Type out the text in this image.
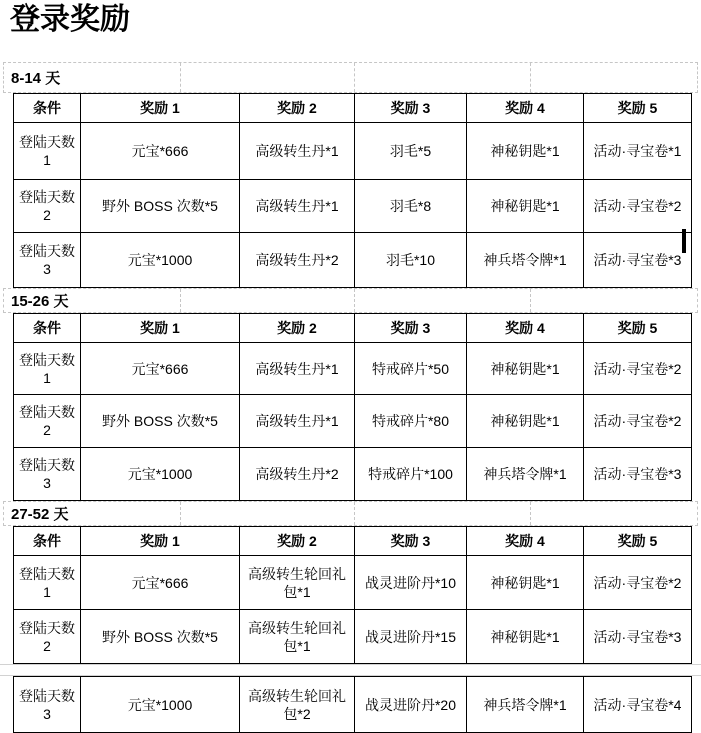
登录奖励
8-14 天
条件	奖励 1	奖励 2	奖励 3	奖励 4	奖励 5
登陆天数 1	元宝*666	高级转生丹*1	羽毛*5	神秘钥匙*1	活动·寻宝卷*1
登陆天数 2	野外 BOSS 次数*5	高级转生丹*1	羽毛*8	神秘钥匙*1	活动·寻宝卷*2
登陆天数 3	元宝*1000	高级转生丹*2	羽毛*10	神兵塔令牌*1	活动·寻宝卷*3
15-26 天
条件	奖励 1	奖励 2	奖励 3	奖励 4	奖励 5
登陆天数 1	元宝*666	高级转生丹*1	特戒碎片*50	神秘钥匙*1	活动·寻宝卷*2
登陆天数 2	野外 BOSS 次数*5	高级转生丹*1	特戒碎片*80	神秘钥匙*1	活动·寻宝卷*2
登陆天数 3	元宝*1000	高级转生丹*2	特戒碎片*100	神兵塔令牌*1	活动·寻宝卷*3
27-52 天
条件	奖励 1	奖励 2	奖励 3	奖励 4	奖励 5
登陆天数 1	元宝*666	高级转生轮回礼包*1	战灵进阶丹*10	神秘钥匙*1	活动·寻宝卷*2
登陆天数 2	野外 BOSS 次数*5	高级转生轮回礼包*1	战灵进阶丹*15	神秘钥匙*1	活动·寻宝卷*3
登陆天数 3	元宝*1000	高级转生轮回礼包*2	战灵进阶丹*20	神兵塔令牌*1	活动·寻宝卷*4
